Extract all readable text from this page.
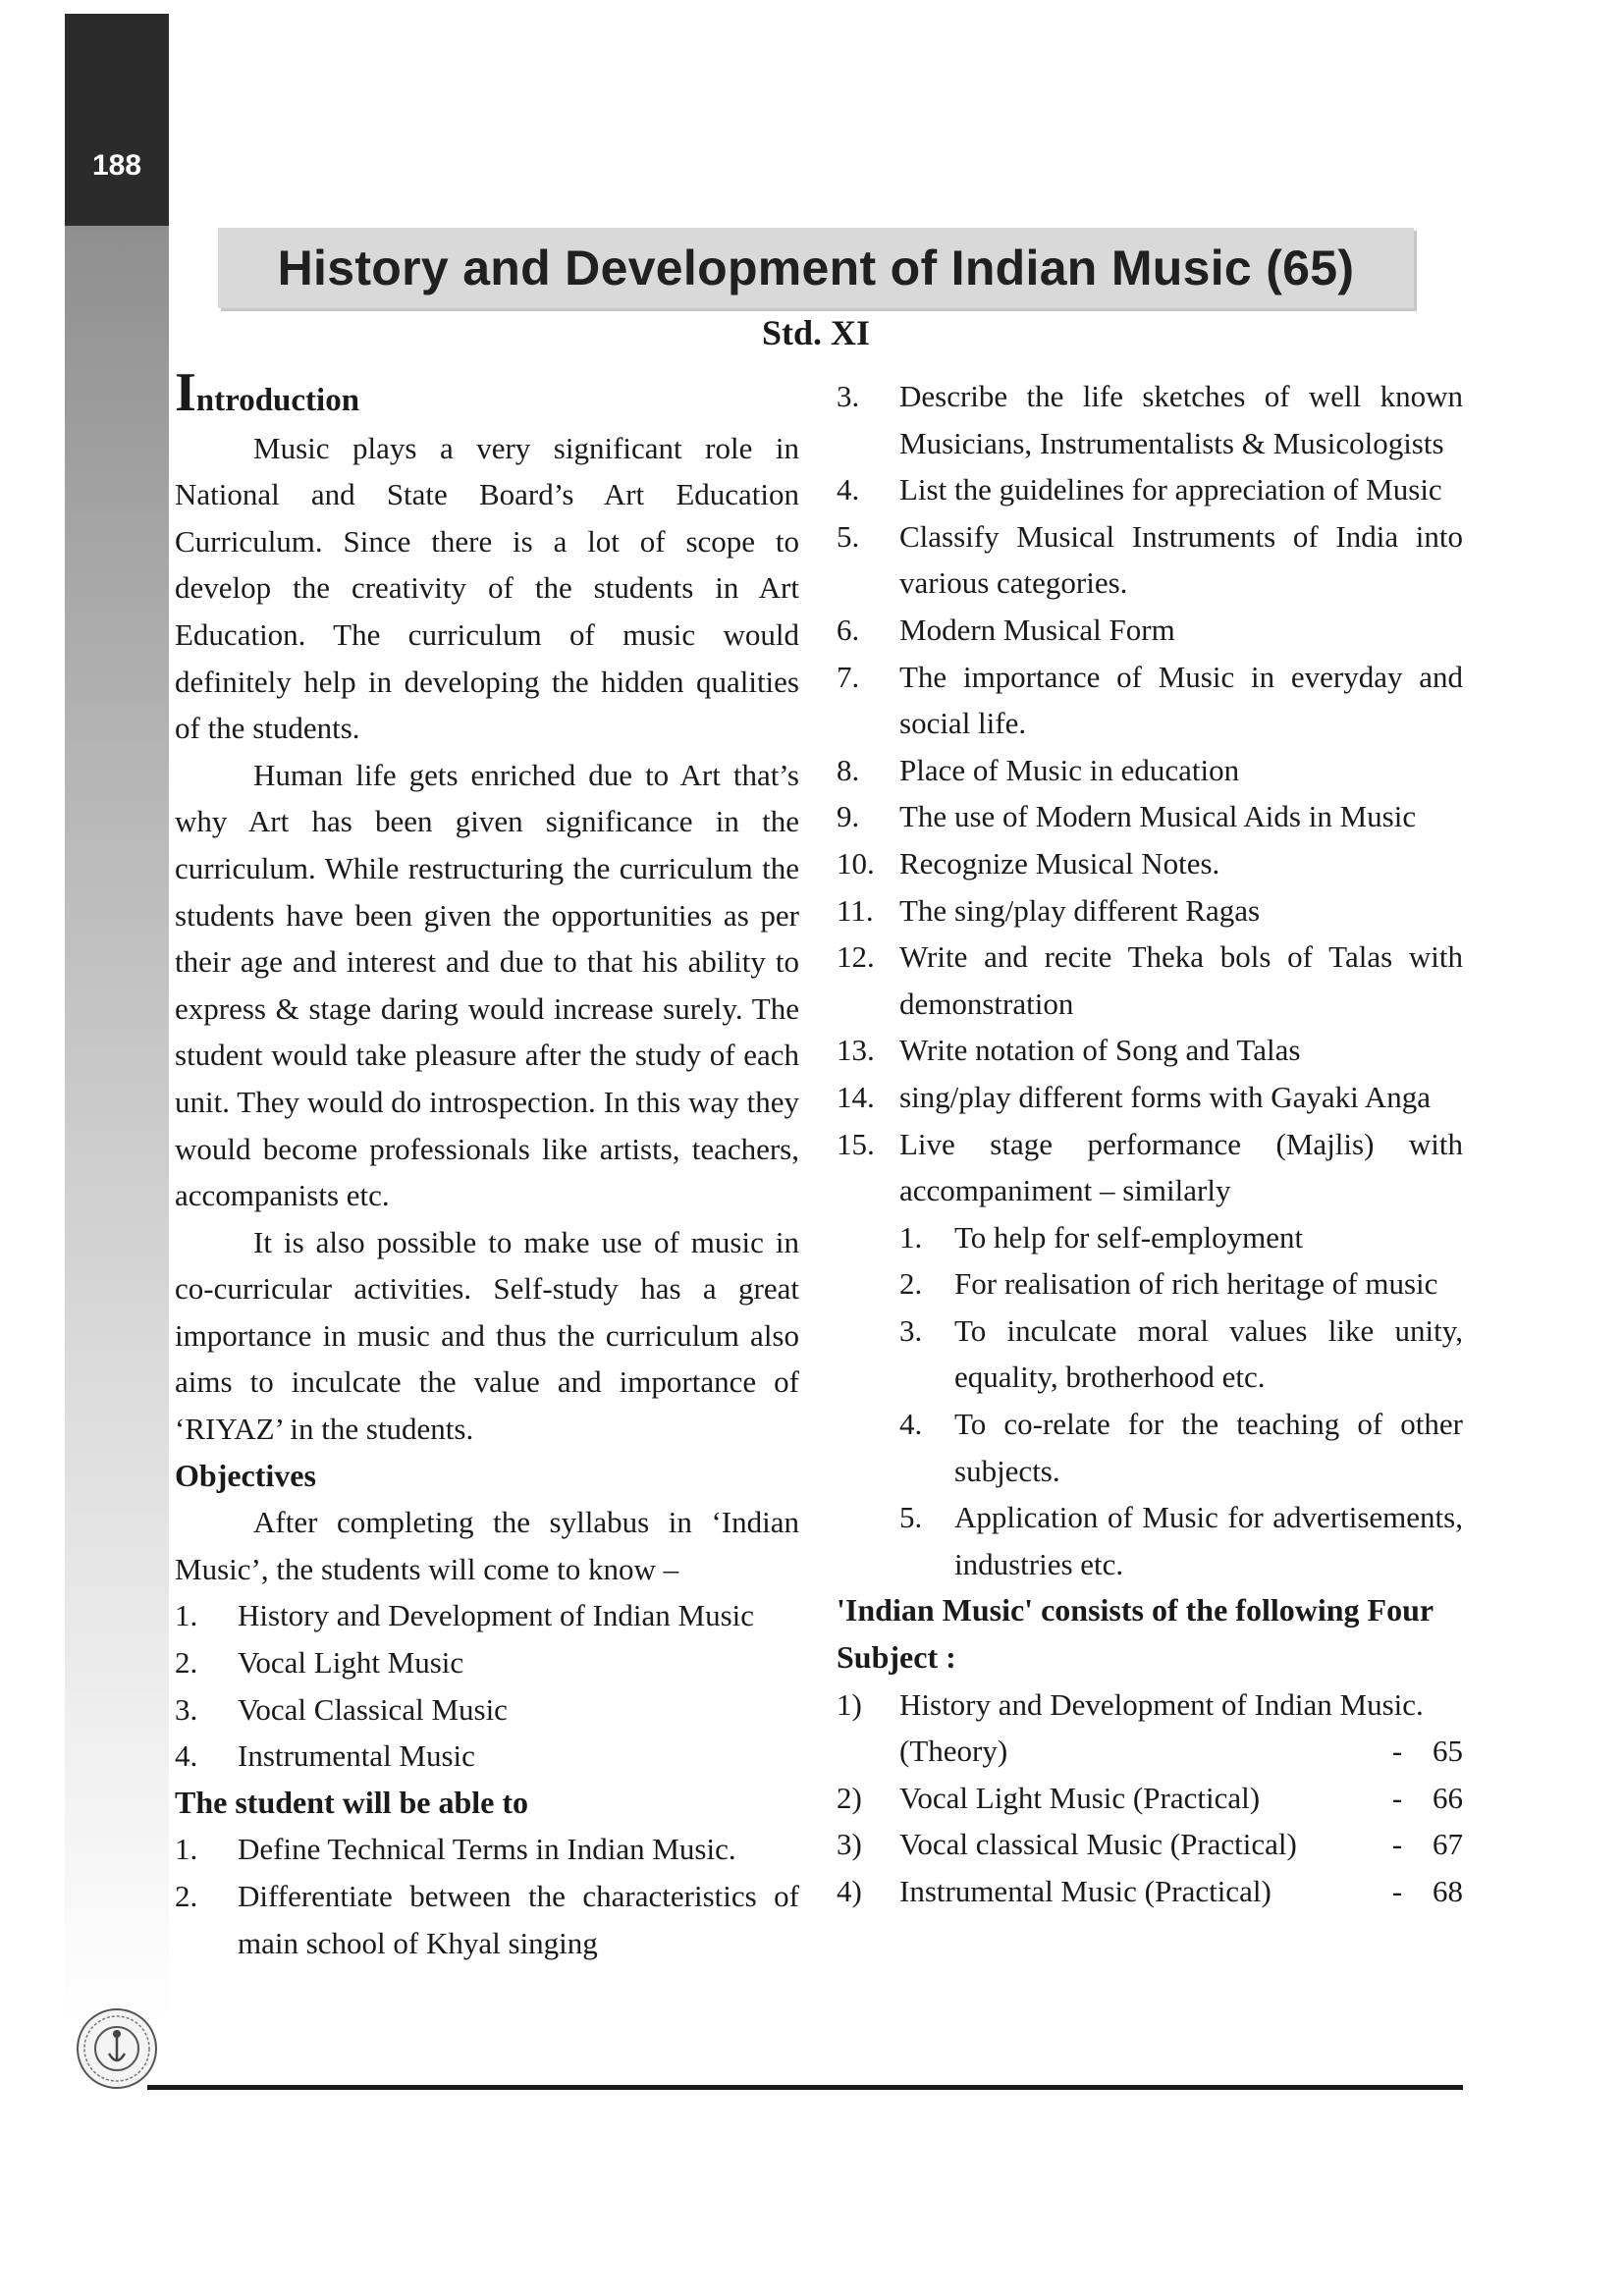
188
History and Development of Indian Music (65)
Std. XI
Introduction

Music plays a very significant role in National and State Board’s Art Education Curriculum. Since there is a lot of scope to develop the creativity of the students in Art Education. The curriculum of music would definitely help in developing the hidden qualities of the students.

Human life gets enriched due to Art that’s why Art has been given significance in the curriculum. While restructuring the curriculum the students have been given the opportunities as per their age and interest and due to that his ability to express & stage daring would increase surely. The student would take pleasure after the study of each unit. They would do introspection. In this way they would become professionals like artists, teachers, accompanists etc.

It is also possible to make use of music in co-curricular activities. Self-study has a great importance in music and thus the curriculum also aims to inculcate the value and importance of ‘RIYAZ’ in the students.

Objectives

After completing the syllabus in ‘Indian Music’, the students will come to know –

1.	History and Development of Indian Music
2.	Vocal Light Music
3.	Vocal Classical Music
4.	Instrumental Music
The student will be able to
1.	Define Technical Terms in Indian Music.
2.	Differentiate between the characteristics of main school of Khyal singing
3.	Describe the life sketches of well known Musicians, Instrumentalists & Musicologists
4.	List the guidelines for appreciation of Music
5.	Classify Musical Instruments of India into various categories.
6.	Modern Musical Form
7.	The importance of Music in everyday and social life.
8.	Place of Music in education
9.	The use of Modern Musical Aids in Music
10. Recognize Musical Notes.
11. The sing/play different Ragas
12. Write and recite Theka bols of Talas with demonstration
13. Write notation of Song and Talas
14. sing/play different forms with Gayaki Anga
15. Live stage performance (Majlis) with accompaniment – similarly
1.	To help for self-employment
2.	For realisation of rich heritage of music
3.	To inculcate moral values like unity, equality, brotherhood etc.
4.	To co-relate for the teaching of other subjects.
5.	Application of Music for advertisements, industries etc.
'Indian Music' consists of the following Four Subject :
1)	History and Development of Indian Music.
(Theory)	- 65
2)	Vocal Light Music (Practical)	- 66
3)	Vocal classical Music (Practical)	- 67
4)	Instrumental Music (Practical)	- 68
